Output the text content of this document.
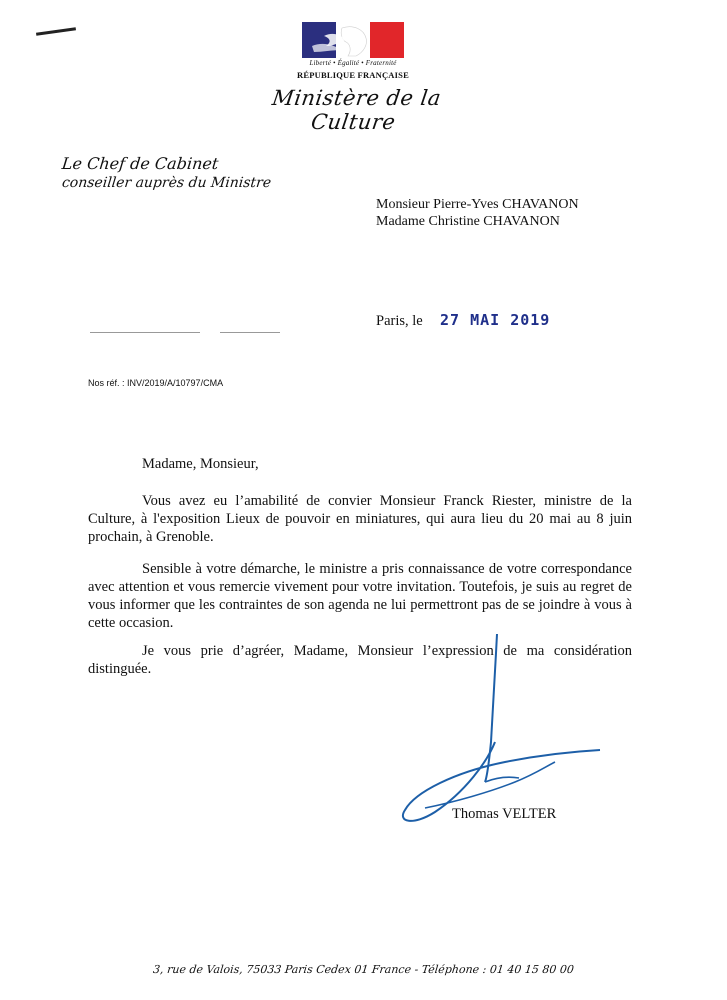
Liberté • Égalité • Fraternité
RÉPUBLIQUE FRANÇAISE
Ministère de la Culture
Le Chef de Cabinet
conseiller auprès du Ministre
Monsieur Pierre-Yves CHAVANON
Madame Christine CHAVANON
Paris, le 27 MAI 2019
Nos réf. : INV/2019/A/10797/CMA
Madame, Monsieur,
Vous avez eu l’amabilité de convier Monsieur Franck Riester, ministre de la Culture, à l'exposition Lieux de pouvoir en miniatures, qui aura lieu du 20 mai au 8 juin prochain, à Grenoble.
Sensible à votre démarche, le ministre a pris connaissance de votre correspondance avec attention et vous remercie vivement pour votre invitation. Toutefois, je suis au regret de vous informer que les contraintes de son agenda ne lui permettront pas de se joindre à vous à cette occasion.
Je vous prie d’agréer, Madame, Monsieur l’expression de ma considération distinguée.
Thomas VELTER
3, rue de Valois, 75033 Paris Cedex 01 France - Téléphone : 01 40 15 80 00
